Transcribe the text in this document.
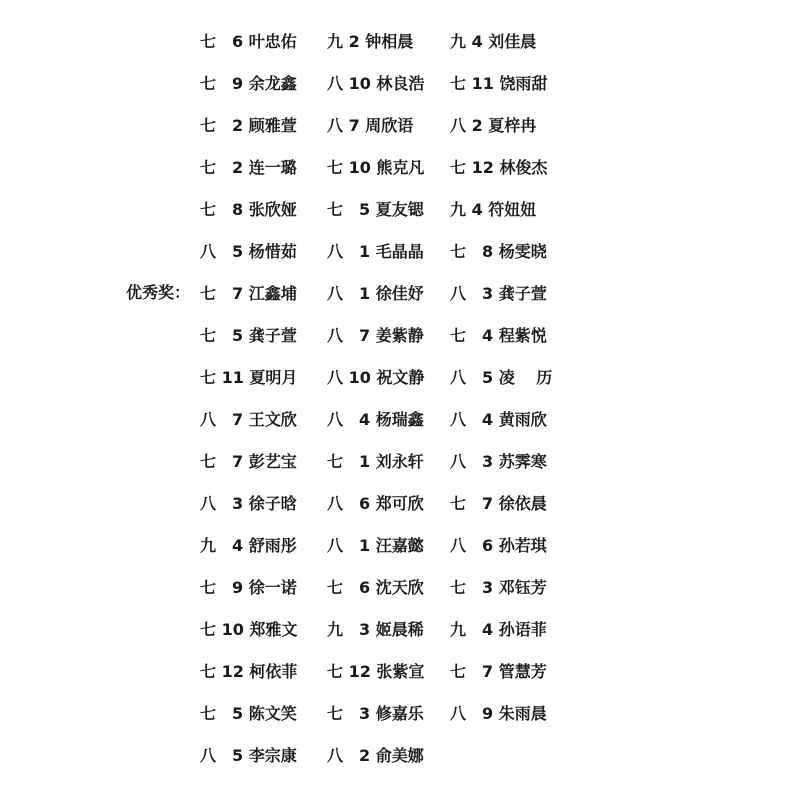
优秀奖：
七　6 叶忠佑 九 2 钟相晨 九 4 刘佳晨
七　9 余龙鑫 八 10 林良浩 七 11 饶雨甜
七　2 顾雅萱 八 7 周欣语 八 2 夏梓冉
七　2 连一璐 七 10 熊克凡 七 12 林俊杰
七　8 张欣娅 七　5 夏友锶 九 4 符妞妞
八　5 杨惜茹 八　1 毛晶晶 七　8 杨雯晓
七　7 江鑫埔 八　1 徐佳妤 八　3 龚子萱
七　5 龚子萱 八　7 姜紫静 七　4 程紫悦
七 11 夏明月 八 10 祝文静 八　5 凌　 历
八　7 王文欣 八　4 杨瑞鑫 八　4 黄雨欣
七　7 彭艺宝 七　1 刘永轩 八　3 苏霁寒
八　3 徐子晗 八　6 郑可欣 七　7 徐依晨
九　4 舒雨彤 八　1 汪嘉懿 八　6 孙若琪
七　9 徐一诺 七　6 沈天欣 七　3 邓钰芳
七 10 郑雅文 九　3 姬晨稀 九　4 孙语菲
七 12 柯依菲 七 12 张紫宣 七　7 管慧芳
七　5 陈文笑 七　3 修嘉乐 八　9 朱雨晨
八　5 李宗康 八　2 俞美娜
